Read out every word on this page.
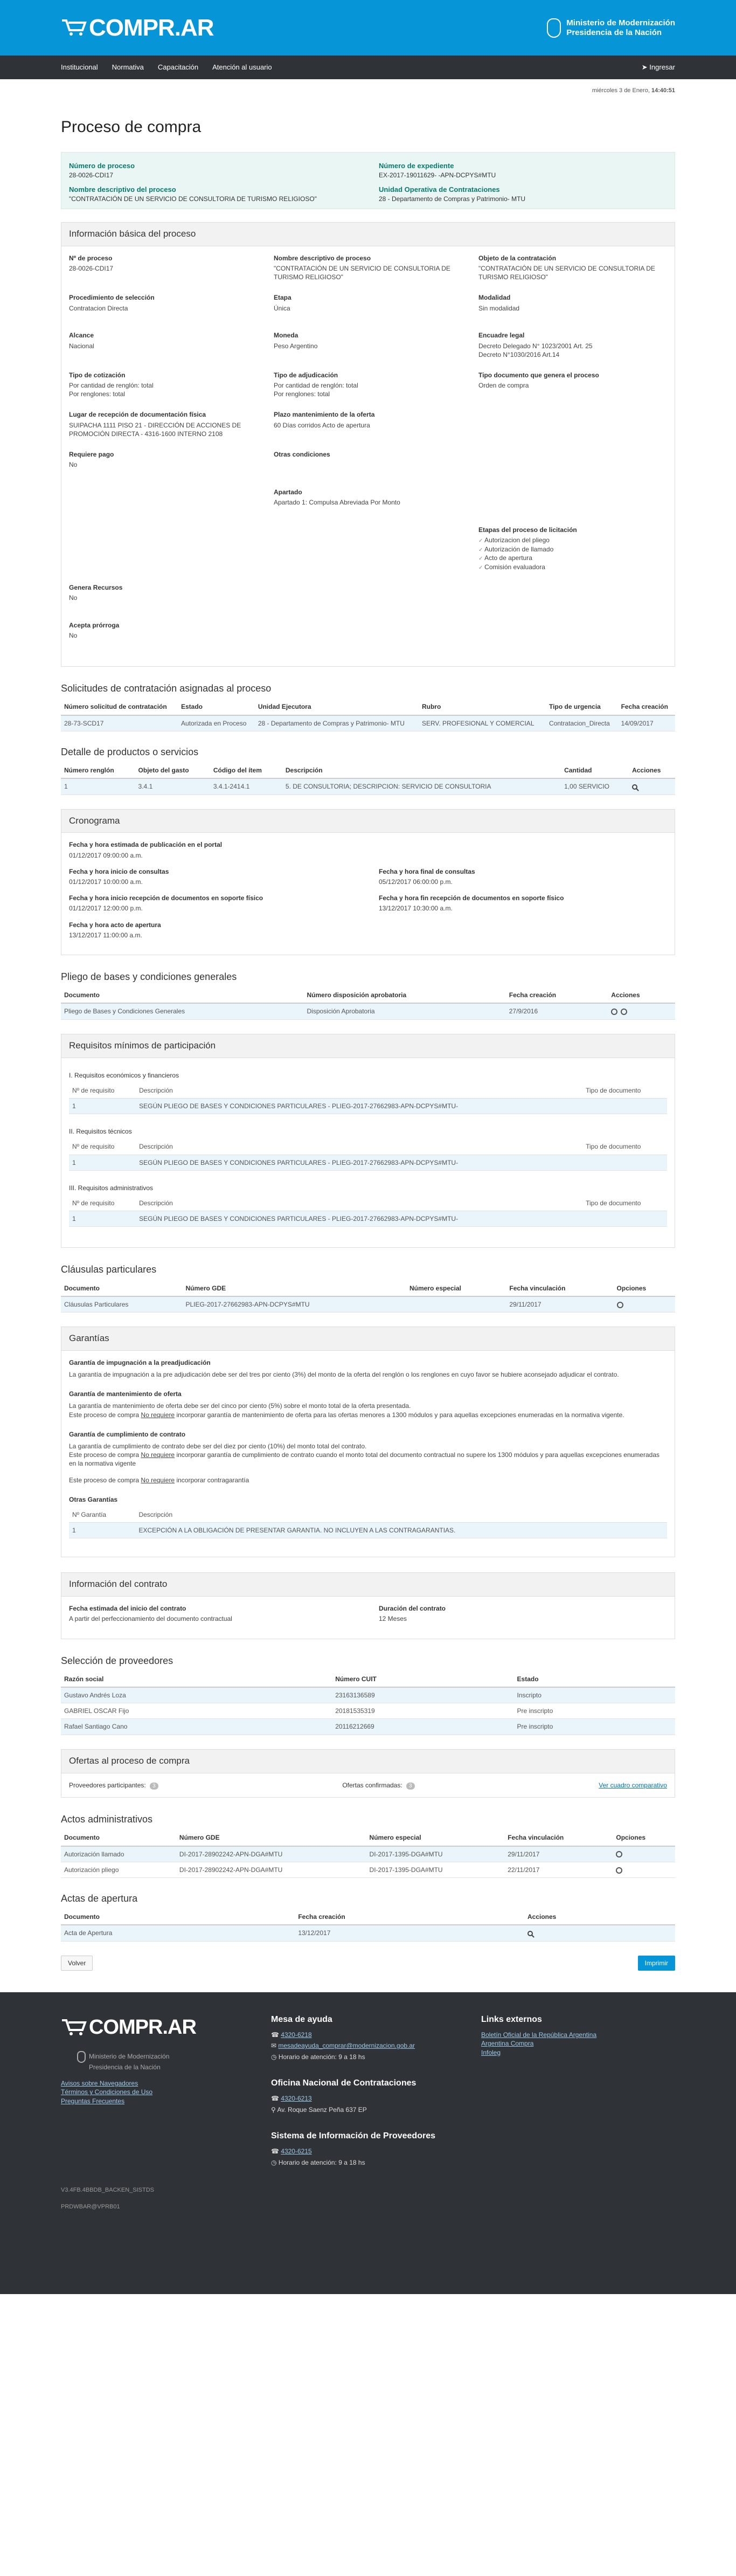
COMPR.AR	Ministerio de Modernización
Presidencia de la Nación
Institucional Normativa Capacitación Atención al usuario	➤ Ingresar
miércoles 3 de Enero, 14:40:51
Proceso de compra
Número de proceso
28-0026-CDI17
Número de expediente
EX-2017-19011629- -APN-DCPYS#MTU
Nombre descriptivo del proceso
"CONTRATACIÓN DE UN SERVICIO DE CONSULTORIA DE TURISMO RELIGIOSO"
Unidad Operativa de Contrataciones
28 - Departamento de Compras y Patrimonio- MTU
Información básica del proceso
Nº de proceso
28-0026-CDI17
Nombre descriptivo de proceso
"CONTRATACIÓN DE UN SERVICIO DE CONSULTORIA DE TURISMO RELIGIOSO"
Objeto de la contratación
"CONTRATACIÓN DE UN SERVICIO DE CONSULTORIA DE TURISMO RELIGIOSO"
Procedimiento de selección
Contratacion Directa
Etapa
Única
Modalidad
Sin modalidad
Alcance
Nacional
Moneda
Peso Argentino
Encuadre legal
Decreto Delegado N° 1023/2001 Art. 25
Decreto N°1030/2016 Art.14
Tipo de cotización
Por cantidad de renglón: total
Por renglones: total
Tipo de adjudicación
Por cantidad de renglón: total
Por renglones: total
Tipo documento que genera el proceso
Orden de compra
Lugar de recepción de documentación física
SUIPACHA 1111 PISO 21 - DIRECCIÓN DE ACCIONES DE PROMOCIÓN DIRECTA - 4316-1600 INTERNO 2108
Plazo mantenimiento de la oferta
60 Días corridos Acto de apertura
Requiere pago
No
Otras condiciones
Apartado
Apartado 1: Compulsa Abreviada Por Monto
Etapas del proceso de licitación
✓ Autorizacion del pliego
✓ Autorización de llamado
✓ Acto de apertura
✓ Comisión evaluadora
Genera Recursos
No
Acepta prórroga
No
Solicitudes de contratación asignadas al proceso
Número solicitud de contratación	Estado	Unidad Ejecutora	Rubro	Tipo de urgencia	Fecha creación
28-73-SCD17	Autorizada en Proceso	28 - Departamento de Compras y Patrimonio- MTU	SERV. PROFESIONAL Y COMERCIAL	Contratacion_Directa	14/09/2017
Detalle de productos o servicios
Número renglón	Objeto del gasto	Código del ítem	Descripción	Cantidad	Acciones
1	3.4.1	3.4.1-2414.1	5. DE CONSULTORIA; DESCRIPCION: SERVICIO DE CONSULTORIA	1,00 SERVICIO	
Cronograma
Fecha y hora estimada de publicación en el portal
01/12/2017 09:00:00 a.m.
Fecha y hora inicio de consultas
01/12/2017 10:00:00 a.m.
Fecha y hora final de consultas
05/12/2017 06:00:00 p.m.
Fecha y hora inicio recepción de documentos en soporte físico
01/12/2017 12:00:00 p.m.
Fecha y hora fin recepción de documentos en soporte físico
13/12/2017 10:30:00 a.m.
Fecha y hora acto de apertura
13/12/2017 11:00:00 a.m.
Pliego de bases y condiciones generales
Documento	Número disposición aprobatoria	Fecha creación	Acciones
Pliego de Bases y Condiciones Generales	Disposición Aprobatoria	27/9/2016	
Requisitos mínimos de participación
I. Requisitos económicos y financieros
Nº de requisito	Descripción	Tipo de documento
1	SEGÚN PLIEGO DE BASES Y CONDICIONES PARTICULARES - PLIEG-2017-27662983-APN-DCPYS#MTU-	
II. Requisitos técnicos
Nº de requisito	Descripción	Tipo de documento
1	SEGÚN PLIEGO DE BASES Y CONDICIONES PARTICULARES - PLIEG-2017-27662983-APN-DCPYS#MTU-	
III. Requisitos administrativos
Nº de requisito	Descripción	Tipo de documento
1	SEGÚN PLIEGO DE BASES Y CONDICIONES PARTICULARES - PLIEG-2017-27662983-APN-DCPYS#MTU-	
Cláusulas particulares
Documento	Número GDE	Número especial	Fecha vinculación	Opciones
Cláusulas Particulares	PLIEG-2017-27662983-APN-DCPYS#MTU		29/11/2017	
Garantías
Garantía de impugnación a la preadjudicación

La garantía de impugnación a la pre adjudicación debe ser del tres por ciento (3%) del monto de la oferta del renglón o los renglones en cuyo favor se hubiere aconsejado adjudicar el contrato.

Garantía de mantenimiento de oferta

La garantía de mantenimiento de oferta debe ser del cinco por ciento (5%) sobre el monto total de la oferta presentada.

Este proceso de compra No requiere incorporar garantía de mantenimiento de oferta para las ofertas menores a 1300 módulos y para aquellas excepciones enumeradas en la normativa vigente.

Garantía de cumplimiento de contrato

La garantía de cumplimiento de contrato debe ser del diez por ciento (10%) del monto total del contrato.

Este proceso de compra No requiere incorporar garantía de cumplimiento de contrato cuando el monto total del documento contractual no supere los 1300 módulos y para aquellas excepciones enumeradas en la normativa vigente

Este proceso de compra No requiere incorporar contragarantía

Otras Garantías
Nº Garantía	Descripción
1	EXCEPCIÓN A LA OBLIGACIÓN DE PRESENTAR GARANTIA. NO INCLUYEN A LAS CONTRAGARANTIAS.
Información del contrato
Fecha estimada del inicio del contrato
A partir del perfeccionamiento del documento contractual
Duración del contrato
12 Meses
Selección de proveedores
Razón social	Número CUIT	Estado
Gustavo Andrés Loza	23163136589	Inscripto
GABRIEL OSCAR Fijo	20181535319	Pre inscripto
Rafael Santiago Cano	20116212669	Pre inscripto
Ofertas al proceso de compra
Proveedores participantes: 3	Ofertas confirmadas: 3	Ver cuadro comparativo
Actos administrativos
Documento	Número GDE	Número especial	Fecha vinculación	Opciones
Autorización llamado	DI-2017-28902242-APN-DGA#MTU	DI-2017-1395-DGA#MTU	29/11/2017	
Autorización pliego	DI-2017-28902242-APN-DGA#MTU	DI-2017-1395-DGA#MTU	22/11/2017	
Actas de apertura
Documento	Fecha creación	Acciones
Acta de Apertura	13/12/2017	
Volver	Imprimir
COMPR.AR
Ministerio de Modernización
Presidencia de la Nación
Avisos sobre Navegadores
Términos y Condiciones de Uso
Preguntas Frecuentes
V3.4FB.4BBDB_BACKEN_SISTDS
PRDWBAR@VPRB01
Mesa de ayuda
☎ 4320-6218
✉ mesadeayuda_comprar@modernizacion.gob.ar
◷ Horario de atención: 9 a 18 hs
Oficina Nacional de Contrataciones
☎ 4320-6213
⚲ Av. Roque Saenz Peña 637 EP
Sistema de Información de Proveedores
☎ 4320-6215
◷ Horario de atención: 9 a 18 hs
Links externos
Boletín Oficial de la República Argentina
Argentina Compra
Infoleg
